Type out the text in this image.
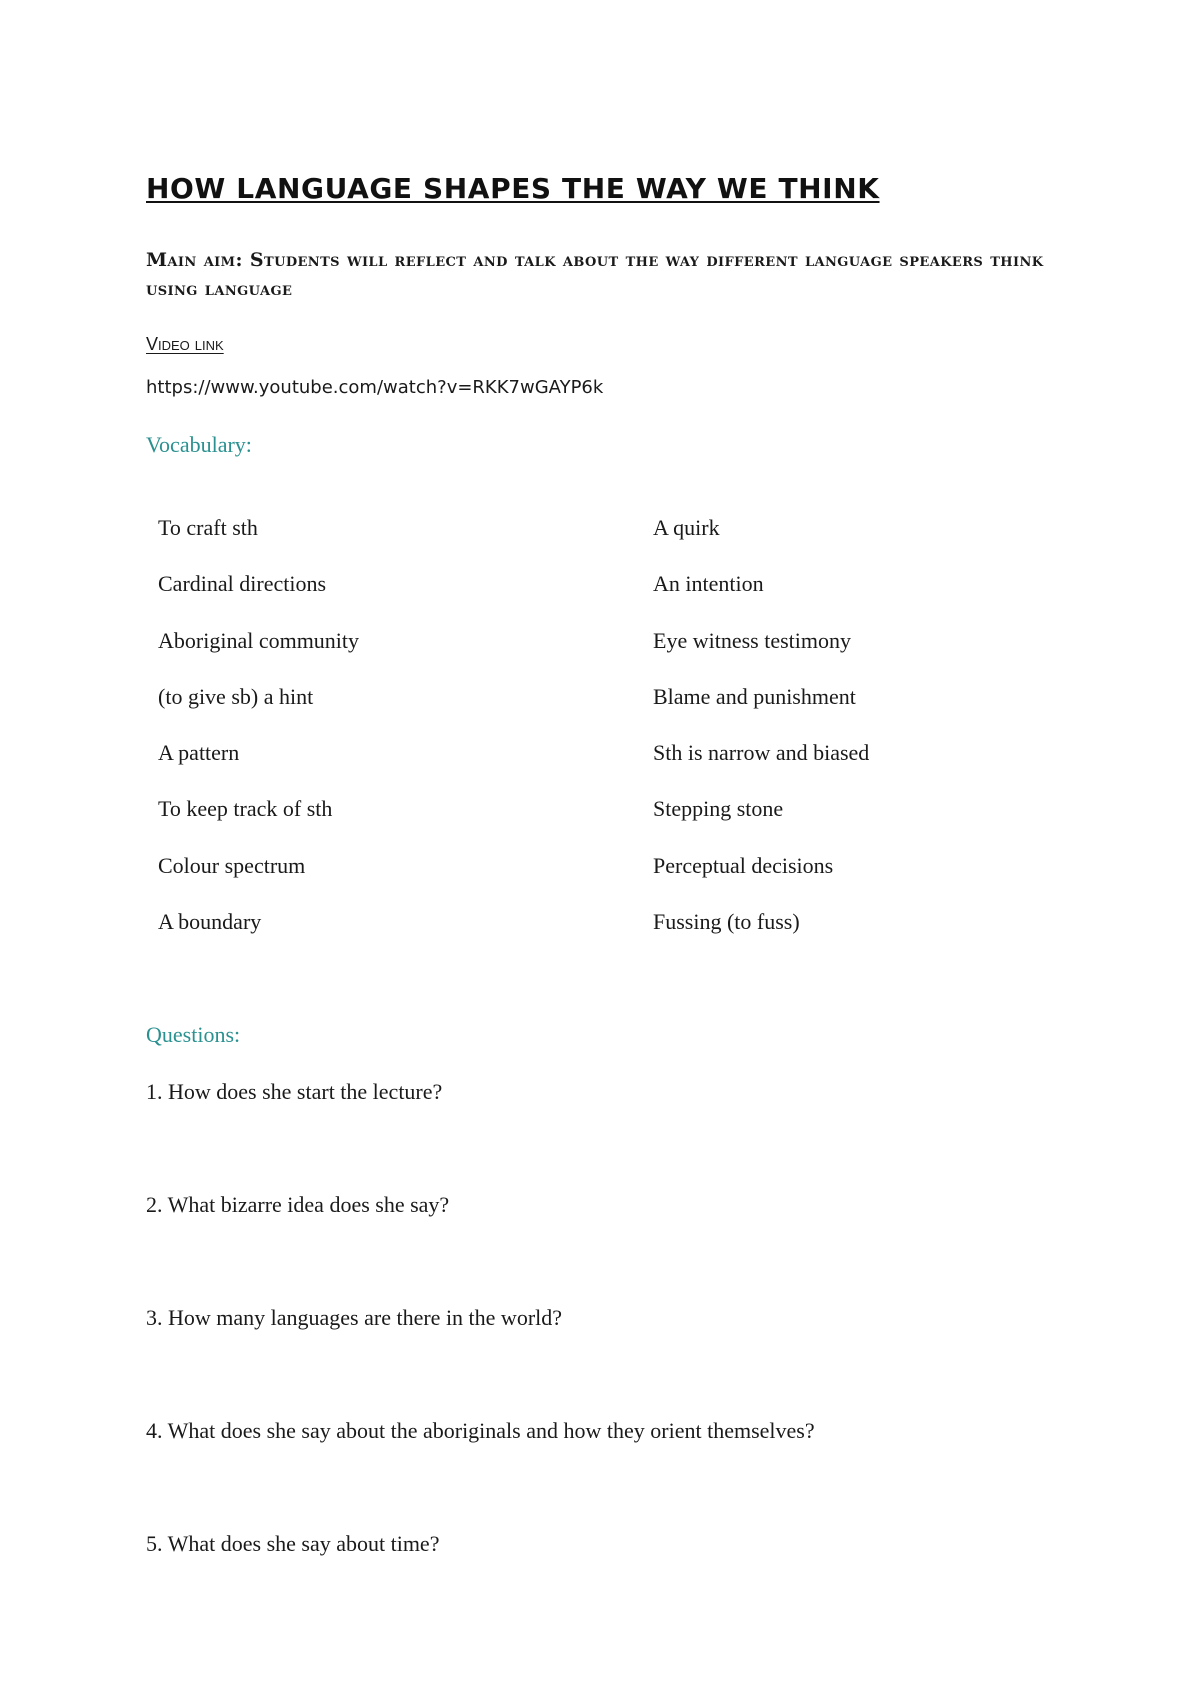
HOW LANGUAGE SHAPES THE WAY WE THINK

Main aim: Students will reflect and talk about the way different language speakers think using language

Video link

https://www.youtube.com/watch?v=RKK7wGAYP6k
Vocabulary:
To craft sth	A quirk
Cardinal directions	An intention
Aboriginal community	Eye witness testimony
(to give sb) a hint	Blame and punishment
A pattern	Sth is narrow and biased
To keep track of sth	Stepping stone
Colour spectrum	Perceptual decisions
A boundary	Fussing (to fuss)
Questions:
1. How does she start the lecture?
2. What bizarre idea does she say?
3. How many languages are there in the world?
4. What does she say about the aboriginals and how they orient themselves?
5. What does she say about time?
